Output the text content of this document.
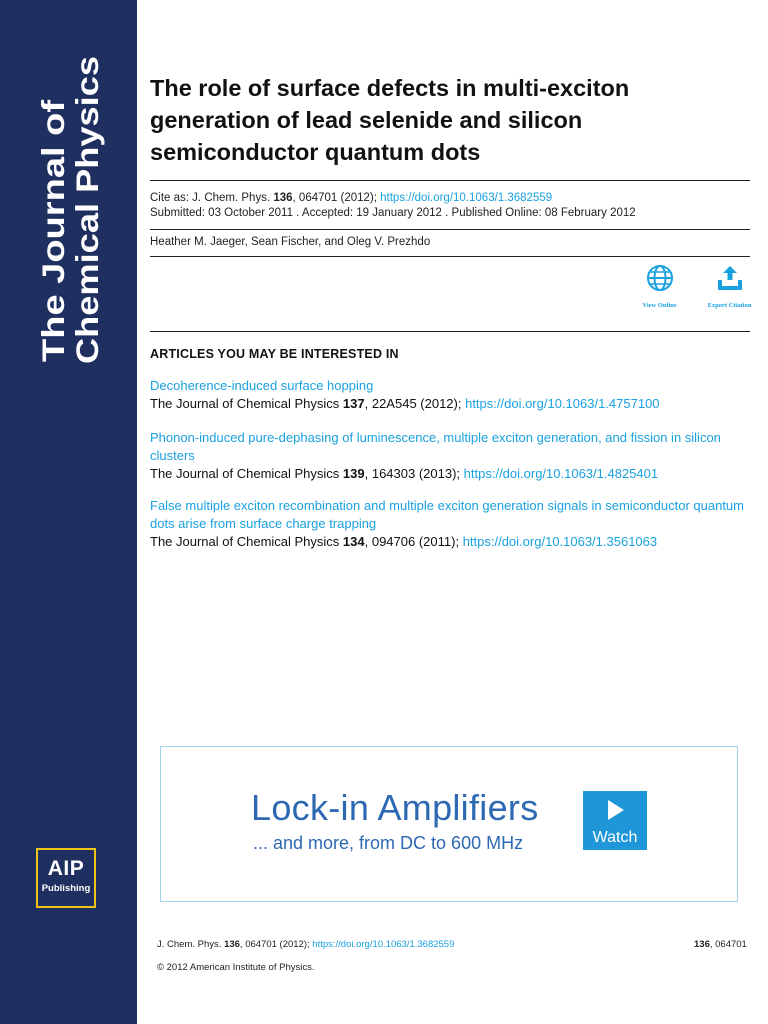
The Journal of
Chemical Physics
AIP
Publishing
The role of surface defects in multi-exciton generation of lead selenide and silicon semiconductor quantum dots
Cite as: J. Chem. Phys. 136, 064701 (2012); https://doi.org/10.1063/1.3682559
Submitted: 03 October 2011 . Accepted: 19 January 2012 . Published Online: 08 February 2012
Heather M. Jaeger, Sean Fischer, and Oleg V. Prezhdo
View Online	Export Citation
ARTICLES YOU MAY BE INTERESTED IN
Decoherence-induced surface hopping
The Journal of Chemical Physics 137, 22A545 (2012); https://doi.org/10.1063/1.4757100
Phonon-induced pure-dephasing of luminescence, multiple exciton generation, and fission in silicon clusters
The Journal of Chemical Physics 139, 164303 (2013); https://doi.org/10.1063/1.4825401
False multiple exciton recombination and multiple exciton generation signals in semiconductor quantum dots arise from surface charge trapping
The Journal of Chemical Physics 134, 094706 (2011); https://doi.org/10.1063/1.3561063
Lock-in Amplifiers
... and more, from DC to 600 MHz	Watch
J. Chem. Phys. 136, 064701 (2012); https://doi.org/10.1063/1.3682559	136, 064701
© 2012 American Institute of Physics.
